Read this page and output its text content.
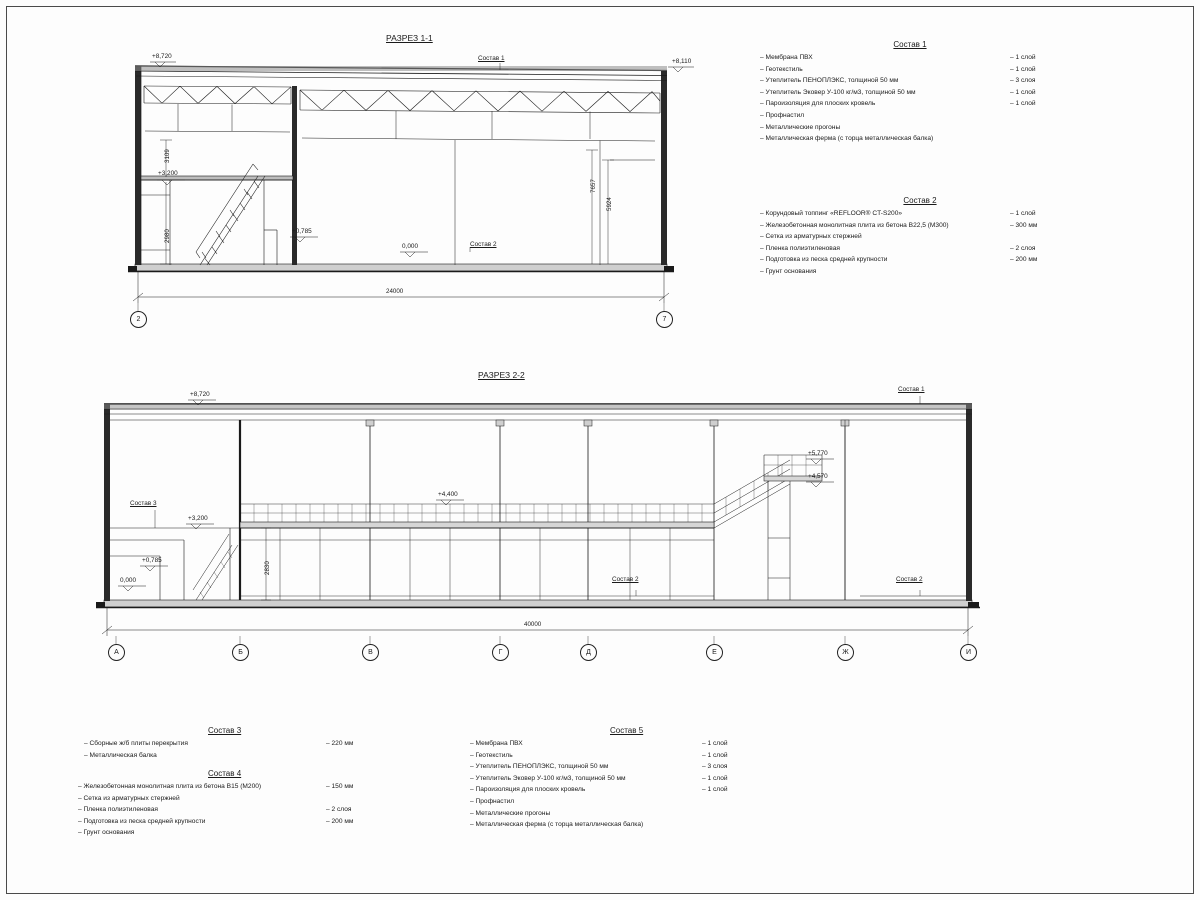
РАЗРЕЗ 1-1
РАЗРЕЗ 2-2
+8,720
+8,110
+3,200
+0,785
0,000
3109
2980
7657
5924
24000
Состав 1
Состав 2
2	7
+8,720
+5,770
+4,570
+4,400
+3,200
+0,785
0,000
2830
40000
Состав 1
Состав 2	Состав 2
Состав 3
А	Б	В	Г	Д	Е	Ж	И
Состав 1
– Мембрана ПВХ	– 1 слой
– Геотекстиль	– 1 слой
– Утеплитель ПЕНОПЛЭКС, толщиной 50 мм	– 3 слоя
– Утеплитель Эковер У-100 кг/м3, толщиной 50 мм	– 1 слой
– Пароизоляция для плоских кровель	– 1 слой
– Профнастил
– Металлические прогоны
– Металлическая ферма (с торца металлическая балка)
Состав 2
– Корундовый топпинг «REFLOOR® CT-S200»	– 1 слой
– Железобетонная монолитная плита из бетона В22,5 (М300)	– 300 мм
– Сетка из арматурных стержней
– Пленка полиэтиленовая	– 2 слоя
– Подготовка из песка средней крупности	– 200 мм
– Грунт основания
Состав 3
– Сборные ж/б плиты перекрытия	– 220 мм
– Металлическая балка
Состав 4
– Железобетонная монолитная плита из бетона В15 (М200)	– 150 мм
– Сетка из арматурных стержней
– Пленка полиэтиленовая	– 2 слоя
– Подготовка из песка средней крупности	– 200 мм
– Грунт основания
Состав 5
– Мембрана ПВХ	– 1 слой
– Геотекстиль	– 1 слой
– Утеплитель ПЕНОПЛЭКС, толщиной 50 мм	– 3 слоя
– Утеплитель Эковер У-100 кг/м3, толщиной 50 мм	– 1 слой
– Пароизоляция для плоских кровель	– 1 слой
– Профнастил
– Металлические прогоны
– Металлическая ферма (с торца металлическая балка)
